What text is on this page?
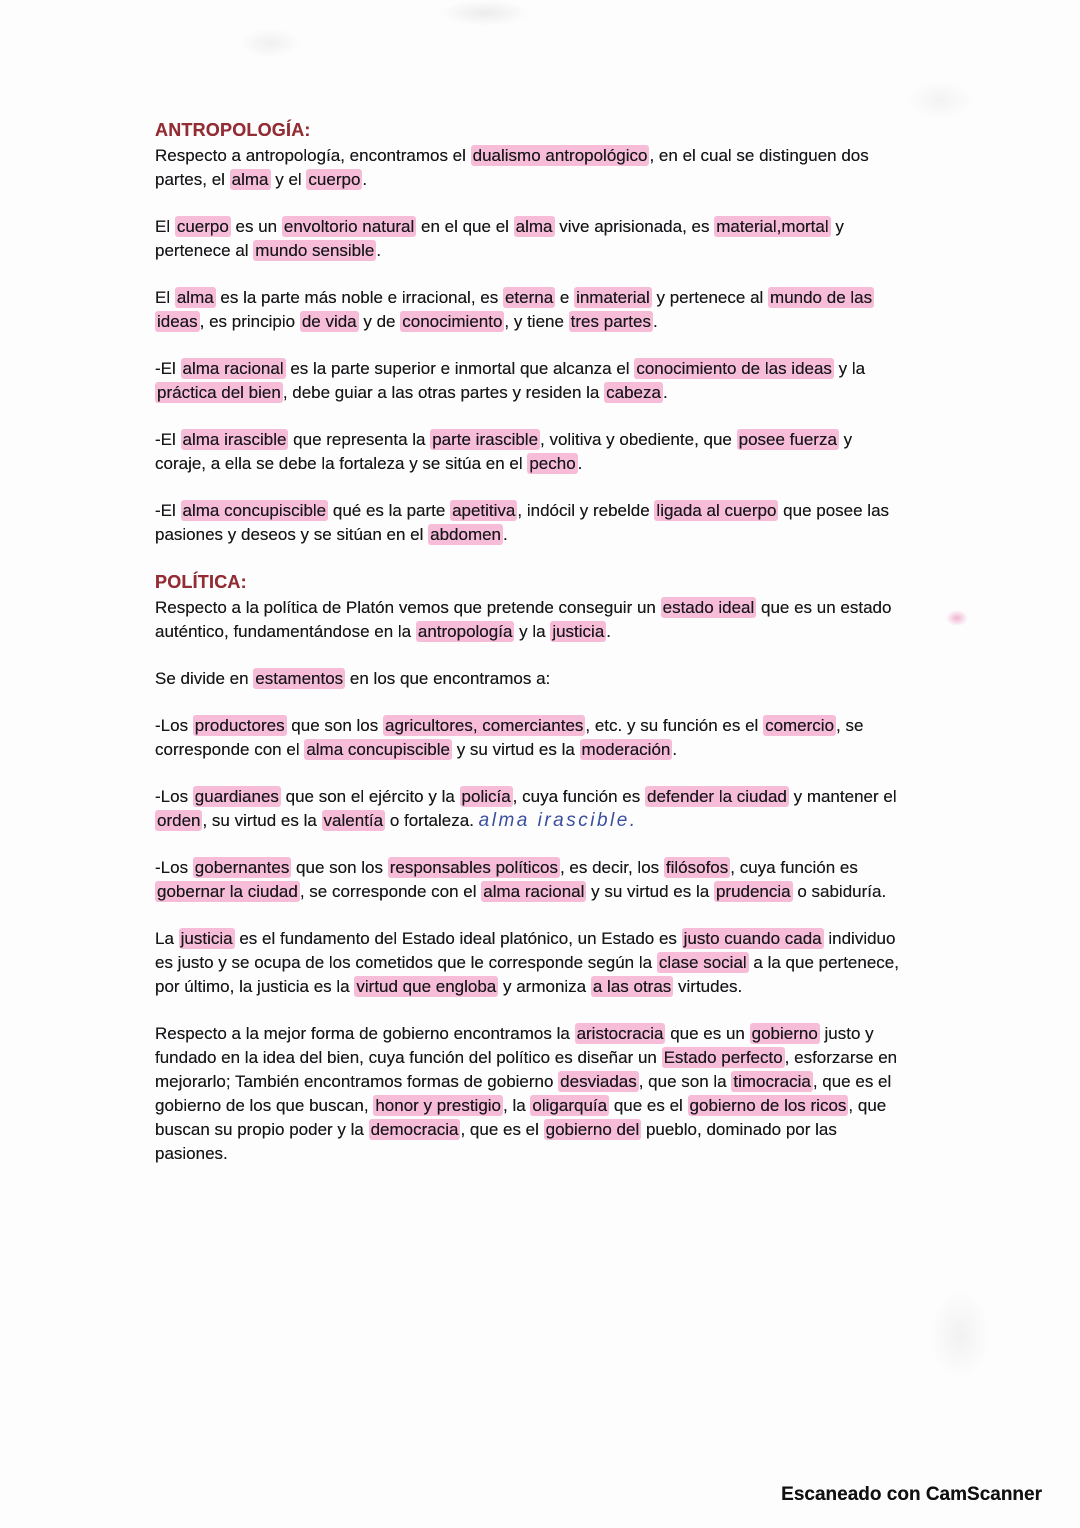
ANTROPOLOGÍA:

Respecto a antropología, encontramos el dualismo antropológico , en el cual se distinguen dos partes, el alma y el cuerpo .

El cuerpo es un envoltorio natural en el que el alma vive aprisionada, es material,mortal y pertenece al mundo sensible .

El alma es la parte más noble e irracional, es eterna e inmaterial y pertenece al mundo de las ideas , es principio de vida y de conocimiento , y tiene tres partes .

-El alma racional es la parte superior e inmortal que alcanza el conocimiento de las ideas y la práctica del bien , debe guiar a las otras partes y residen la cabeza .

-El alma irascible que representa la parte irascible , volitiva y obediente, que posee fuerza y coraje, a ella se debe la fortaleza y se sitúa en el pecho .

-El alma concupiscible qué es la parte apetitiva , indócil y rebelde ligada al cuerpo que posee las pasiones y deseos y se sitúan en el abdomen .

POLÍTICA:

Respecto a la política de Platón vemos que pretende conseguir un estado ideal que es un estado auténtico, fundamentándose en la antropología y la justicia .

Se divide en estamentos en los que encontramos a:

-Los productores que son los agricultores, comerciantes , etc. y su función es el comercio , se corresponde con el alma concupiscible y su virtud es la moderación .

-Los guardianes que son el ejército y la policía , cuya función es defender la ciudad y mantener el orden , su virtud es la valentía o fortaleza. alma irascible.

-Los gobernantes que son los responsables políticos , es decir, los filósofos , cuya función es gobernar la ciudad , se corresponde con el alma racional y su virtud es la prudencia o sabiduría.

La justicia es el fundamento del Estado ideal platónico, un Estado es justo cuando cada individuo es justo y se ocupa de los cometidos que le corresponde según la clase social a la que pertenece, por último, la justicia es la virtud que engloba y armoniza a las otras virtudes.

Respecto a la mejor forma de gobierno encontramos la aristocracia que es un gobierno justo y fundado en la idea del bien, cuya función del político es diseñar un Estado perfecto , esforzarse en mejorarlo; También encontramos formas de gobierno desviadas , que son la timocracia , que es el gobierno de los que buscan, honor y prestigio , la oligarquía que es el gobierno de los ricos , que buscan su propio poder y la democracia , que es el gobierno del pueblo, dominado por las pasiones.

Escaneado con CamScanner
